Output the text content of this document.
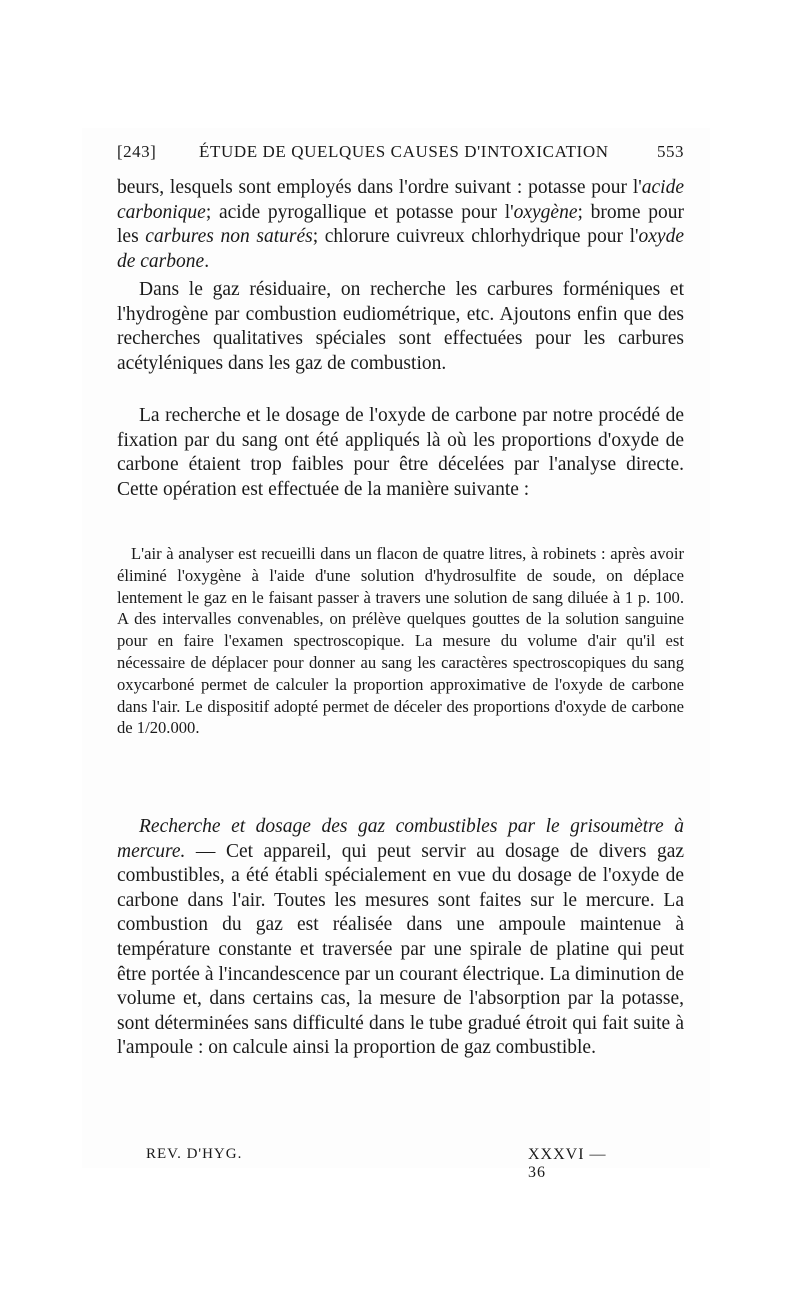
[243]	ÉTUDE DE QUELQUES CAUSES D'INTOXICATION	553

beurs, lesquels sont employés dans l'ordre suivant : potasse pour l'acide carbonique; acide pyrogallique et potasse pour l'oxygène; brome pour les carbures non saturés; chlorure cuivreux chlorhydrique pour l'oxyde de carbone.

Dans le gaz résiduaire, on recherche les carbures forméniques et l'hydrogène par combustion eudiométrique, etc. Ajoutons enfin que des recherches qualitatives spéciales sont effectuées pour les carbures acétyléniques dans les gaz de combustion.

La recherche et le dosage de l'oxyde de carbone par notre procédé de fixation par du sang ont été appliqués là où les proportions d'oxyde de carbone étaient trop faibles pour être décelées par l'analyse directe. Cette opération est effectuée de la manière suivante :

L'air à analyser est recueilli dans un flacon de quatre litres, à robinets : après avoir éliminé l'oxygène à l'aide d'une solution d'hydrosulfite de soude, on déplace lentement le gaz en le faisant passer à travers une solution de sang diluée à 1 p. 100. A des intervalles convenables, on prélève quelques gouttes de la solution sanguine pour en faire l'examen spectroscopique. La mesure du volume d'air qu'il est nécessaire de déplacer pour donner au sang les caractères spectroscopiques du sang oxycarboné permet de calculer la proportion approximative de l'oxyde de carbone dans l'air. Le dispositif adopté permet de déceler des proportions d'oxyde de carbone de 1/20.000.

Recherche et dosage des gaz combustibles par le grisoumètre à mercure. — Cet appareil, qui peut servir au dosage de divers gaz combustibles, a été établi spécialement en vue du dosage de l'oxyde de carbone dans l'air. Toutes les mesures sont faites sur le mercure. La combustion du gaz est réalisée dans une ampoule maintenue à température constante et traversée par une spirale de platine qui peut être portée à l'incandescence par un courant électrique. La diminution de volume et, dans certains cas, la mesure de l'absorption par la potasse, sont déterminées sans difficulté dans le tube gradué étroit qui fait suite à l'ampoule : on calcule ainsi la proportion de gaz combustible.

REV. D'HYG.	XXXVI — 36
